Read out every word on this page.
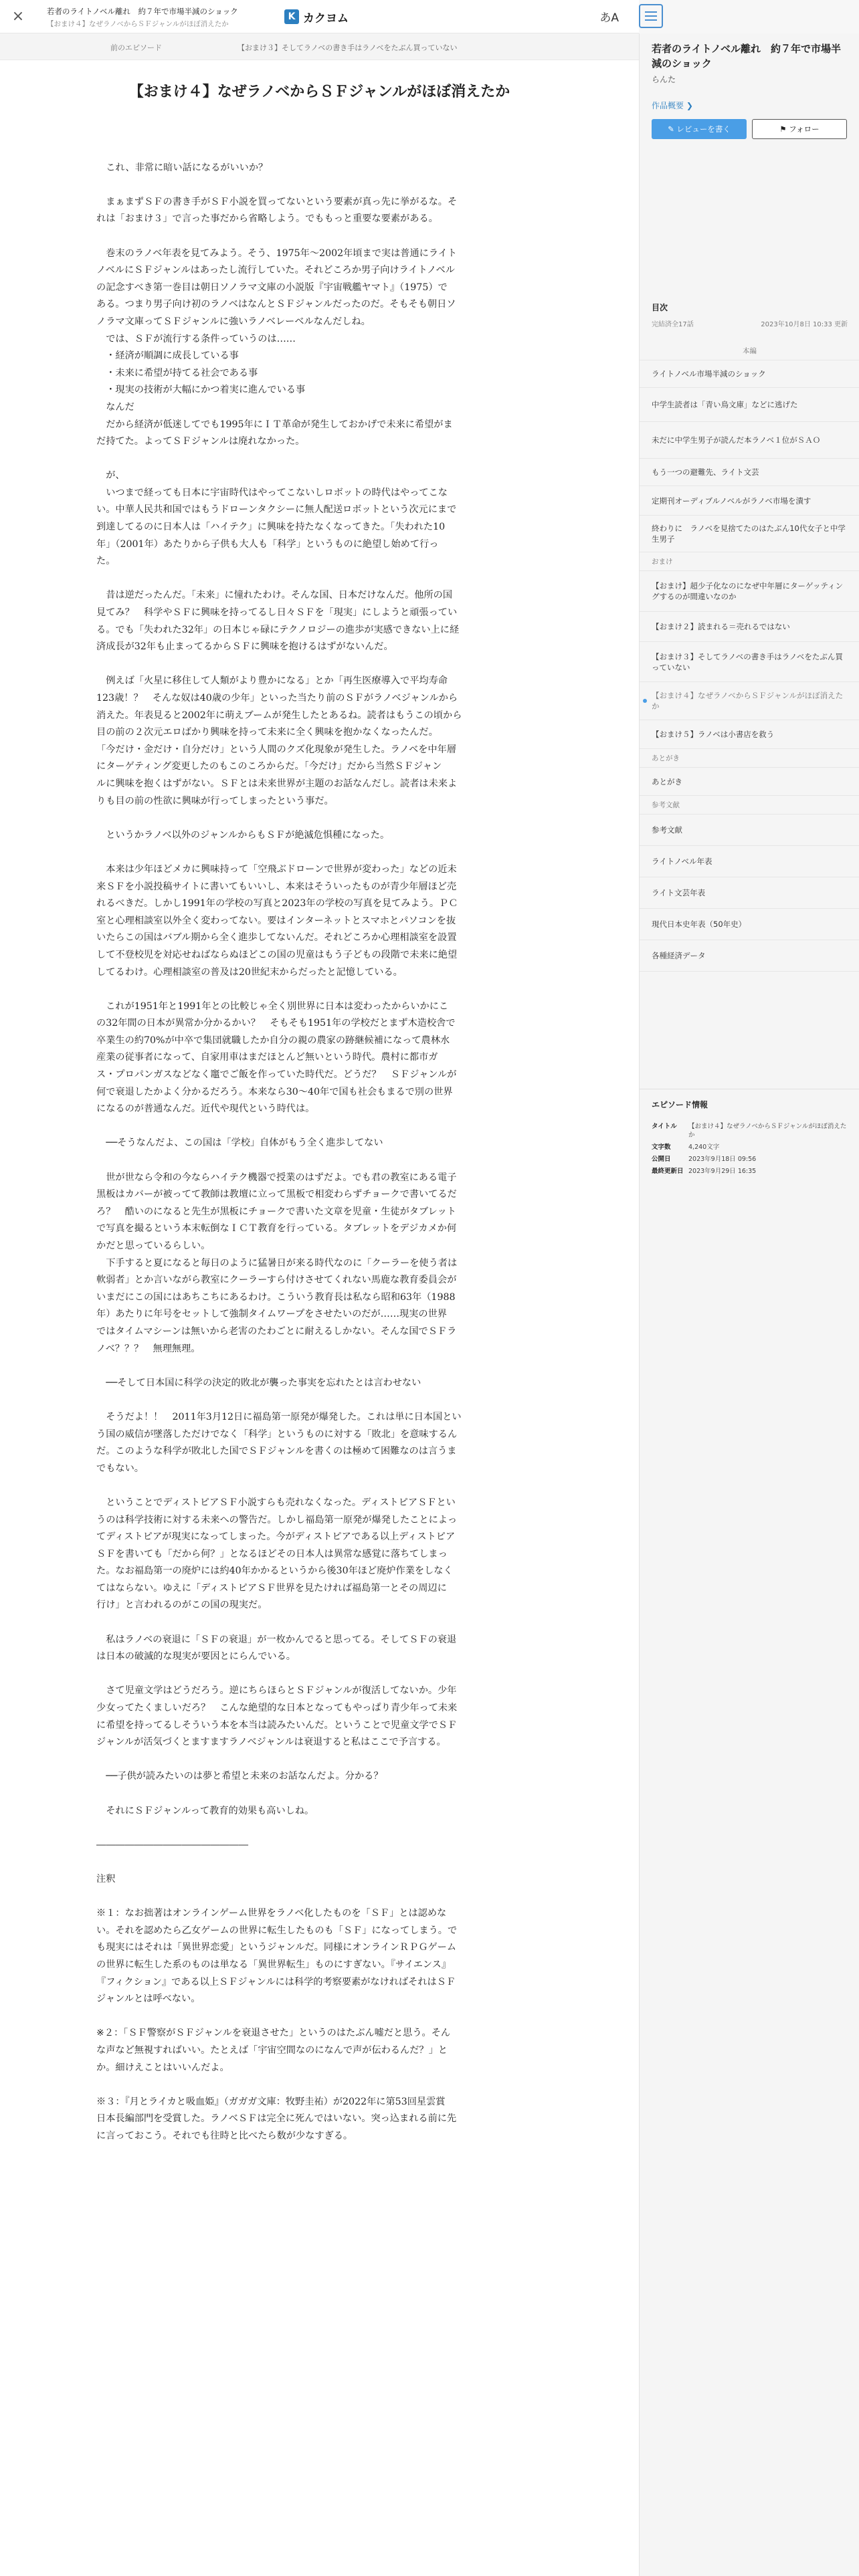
×	若者のライトノベル離れ　約７年で市場半減のショック
【おまけ４】なぜラノベからＳＦジャンルがほぼ消えたか
K カクヨム	あA
前のエピソード	【おまけ３】そしてラノベの書き手はラノベをたぶん買っていない
【おまけ４】なぜラノベからＳＦジャンルがほぼ消えたか
　これ、非常に暗い話になるがいいか？
　まぁまずＳＦの書き手がＳＦ小説を買ってないという要素が真っ先に挙がるな。そ
れは「おまけ３」で言った事だから省略しよう。でももっと重要な要素がある。
　巻末のラノベ年表を見てみよう。そう、1975年〜2002年頃まで実は普通にライト
ノベルにＳＦジャンルはあったし流行していた。それどころか男子向けライトノベル
の記念すべき第一巻目は朝日ソノラマ文庫の小説版『宇宙戦艦ヤマト』（1975）で
ある。つまり男子向け初のラノベはなんとＳＦジャンルだったのだ。そもそも朝日ソ
ノラマ文庫ってＳＦジャンルに強いラノベレーベルなんだしね。
　では、ＳＦが流行する条件っていうのは……
　・経済が順調に成長している事
　・未来に希望が持てる社会である事
　・現実の技術が大幅にかつ着実に進んでいる事
　なんだ
　だから経済が低迷してでも1995年にＩＴ革命が発生しておかげで未来に希望がま
だ持てた。よってＳＦジャンルは廃れなかった。
　が、
　いつまで経っても日本に宇宙時代はやってこないしロボットの時代はやってこな
い。中華人民共和国ではもうドローンタクシーに無人配送ロボットという次元にまで
到達してるのに日本人は「ハイテク」に興味を持たなくなってきた。「失われた10
年」（2001年）あたりから子供も大人も「科学」というものに絶望し始めて行っ
た。
　昔は逆だったんだ。「未来」に憧れたわけ。そんな国、日本だけなんだ。他所の国
見てみ？　科学やＳＦに興味を持ってるし日々ＳＦを「現実」にしようと頑張ってい
る。でも「失われた32年」の日本じゃ碌にテクノロジーの進歩が実感できない上に経
済成長が32年も止まってるからＳＦに興味を抱けるはずがないんだ。
　例えば「火星に移住して人類がより豊かになる」とか「再生医療導入で平均寿命
123歳！？　そんな奴は40歳の少年」といった当たり前のＳＦがラノベジャンルから
消えた。年表見ると2002年に萌えブームが発生したとあるね。読者はもうこの頃から
目の前の２次元エロばかり興味を持って未来に全く興味を抱かなくなったんだ。
「今だけ・金だけ・自分だけ」という人間のクズ化現象が発生した。ラノベを中年層
にターゲティング変更したのもこのころからだ。「今だけ」だから当然ＳＦジャン
ルに興味を抱くはずがない。ＳＦとは未来世界が主題のお話なんだし。読者は未来よ
りも目の前の性欲に興味が行ってしまったという事だ。
　というかラノベ以外のジャンルからもＳＦが絶滅危惧種になった。
　本来は少年ほどメカに興味持って「空飛ぶドローンで世界が変わった」などの近未
来ＳＦを小説投稿サイトに書いてもいいし、本来はそういったものが青少年層ほど売
れるべきだ。しかし1991年の学校の写真と2023年の学校の写真を見てみよう。ＰＣ
室と心理相談室以外全く変わってない。要はインターネットとスマホとパソコンを抜
いたらこの国はバブル期から全く進歩してないんだ。それどころか心理相談室を設置
して不登校児を対応せねばならぬほどこの国の児童はもう子どもの段階で未来に絶望
してるわけ。心理相談室の普及は20世紀末からだったと記憶している。
　これが1951年と1991年との比較じゃ全く別世界に日本は変わったからいかにこ
の32年間の日本が異常か分かるかい？　そもそも1951年の学校だとまず木造校舎で
卒業生の約70%が中卒で集団就職したか自分の親の農家の跡継候補になって農林水
産業の従事者になって、自家用車はまだほとんど無いという時代。農村に都市ガ
ス・プロパンガスなどなく竈でご飯を作っていた時代だ。どうだ？　ＳＦジャンルが
何で衰退したかよく分かるだろう。本来なら30〜40年で国も社会もまるで別の世界
になるのが普通なんだ。近代や現代という時代は。
　──そうなんだよ、この国は「学校」自体がもう全く進歩してない
　世が世なら令和の今ならハイテク機器で授業のはずだよ。でも君の教室にある電子
黒板はカバーが被ってて教師は教壇に立って黒板で相変わらずチョークで書いてるだ
ろ？　酷いのになると先生が黒板にチョークで書いた文章を児童・生徒がタブレット
で写真を撮るという本末転倒なＩＣＴ教育を行っている。タブレットをデジカメか何
かだと思っているらしい。
　下手すると夏になると毎日のように猛暑日が来る時代なのに「クーラーを使う者は
軟弱者」とか言いながら教室にクーラーすら付けさせてくれない馬鹿な教育委員会が
いまだにこの国にはあちこちにあるわけ。こういう教育長は私なら昭和63年（1988
年）あたりに年号をセットして強制タイムワープをさせたいのだが……現実の世界
ではタイムマシーンは無いから老害のたわごとに耐えるしかない。そんな国でＳＦラ
ノベ？？？　無理無理。
　──そして日本国に科学の決定的敗北が襲った事実を忘れたとは言わせない
　そうだよ！！　2011年3月12日に福島第一原発が爆発した。これは単に日本国とい
う国の威信が墜落しただけでなく「科学」というものに対する「敗北」を意味するん
だ。このような科学が敗北した国でＳＦジャンルを書くのは極めて困難なのは言うま
でもない。
　ということでディストピアＳＦ小説すらも売れなくなった。ディストピアＳＦとい
うのは科学技術に対する未来への警告だ。しかし福島第一原発が爆発したことによっ
てディストピアが現実になってしまった。今がディストピアである以上ディストピア
ＳＦを書いても「だから何？」となるほどその日本人は異常な感覚に落ちてしまっ
た。なお福島第一の廃炉には約40年かかるというから後30年ほど廃炉作業をしなく
てはならない。ゆえに「ディストピアＳＦ世界を見たければ福島第一とその周辺に
行け」と言われるのがこの国の現実だ。
　私はラノベの衰退に「ＳＦの衰退」が一枚かんでると思ってる。そしてＳＦの衰退
は日本の破滅的な現実が要因とにらんでいる。
　さて児童文学はどうだろう。逆にちらほらとＳＦジャンルが復活してないか。少年
少女ってたくましいだろ？　こんな絶望的な日本となってもやっぱり青少年って未来
に希望を持ってるしそういう本を本当は読みたいんだ。ということで児童文学でＳＦ
ジャンルが活気づくとますますラノベジャンルは衰退すると私はここで予言する。
　──子供が読みたいのは夢と希望と未来のお話なんだよ。分かる？
　それにＳＦジャンルって教育的効果も高いしね。
――――――――――――――――
注釈
※１：なお拙著はオンラインゲーム世界をラノベ化したものを「ＳＦ」とは認めな
い。それを認めたら乙女ゲームの世界に転生したものも「ＳＦ」になってしまう。で
も現実にはそれは「異世界恋愛」というジャンルだ。同様にオンラインＲＰＧゲーム
の世界に転生した系のものは単なる「異世界転生」ものにすぎない。『サイエンス』
『フィクション』である以上ＳＦジャンルには科学的考察要素がなければそれはＳＦ
ジャンルとは呼べない。
※２：「ＳＦ警察がＳＦジャンルを衰退させた」というのはたぶん嘘だと思う。そん
な声など無視すればいい。たとえば「宇宙空間なのになんで声が伝わるんだ？」と
か。細けえことはいいんだよ。
※３：『月とライカと吸血姫』（ガガガ文庫：牧野圭祐）が2022年に第53回星雲賞
日本長編部門を受賞した。ラノベＳＦは完全に死んではいない。突っ込まれる前に先
に言っておこう。それでも往時と比べたら数が少なすぎる。
若者のライトノベル離れ　約７年で市場半減のショック
らんた
作品概要 ❯
✎ レビューを書く	⚑ フォロー
目次
完結済全17話	2023年10月8日 10:33 更新
本編
ライトノベル市場半減のショック
中学生読者は「青い鳥文庫」などに逃げた
未だに中学生男子が読んだ本ラノベ１位がＳＡＯ
もう一つの避難先、ライト文芸
定期刊オーディブルノベルがラノベ市場を潰す
終わりに　ラノベを見捨てたのはたぶん10代女子と中学生男子
おまけ
【おまけ】超少子化なのになぜ中年層にターゲッティングするのが間違いなのか
【おまけ２】読まれる＝売れるではない
【おまけ３】そしてラノベの書き手はラノベをたぶん買っていない
【おまけ４】なぜラノベからＳＦジャンルがほぼ消えたか
【おまけ５】ラノベは小書店を救う
あとがき
あとがき
参考文献
参考文献
ライトノベル年表
ライト文芸年表
現代日本史年表（50年史）
各種経済データ
エピソード情報
タイトル	【おまけ４】なぜラノベからＳＦジャンルがほぼ消えたか
文字数	4,240文字
公開日	2023年9月18日 09:56
最終更新日 2023年9月29日 16:35
